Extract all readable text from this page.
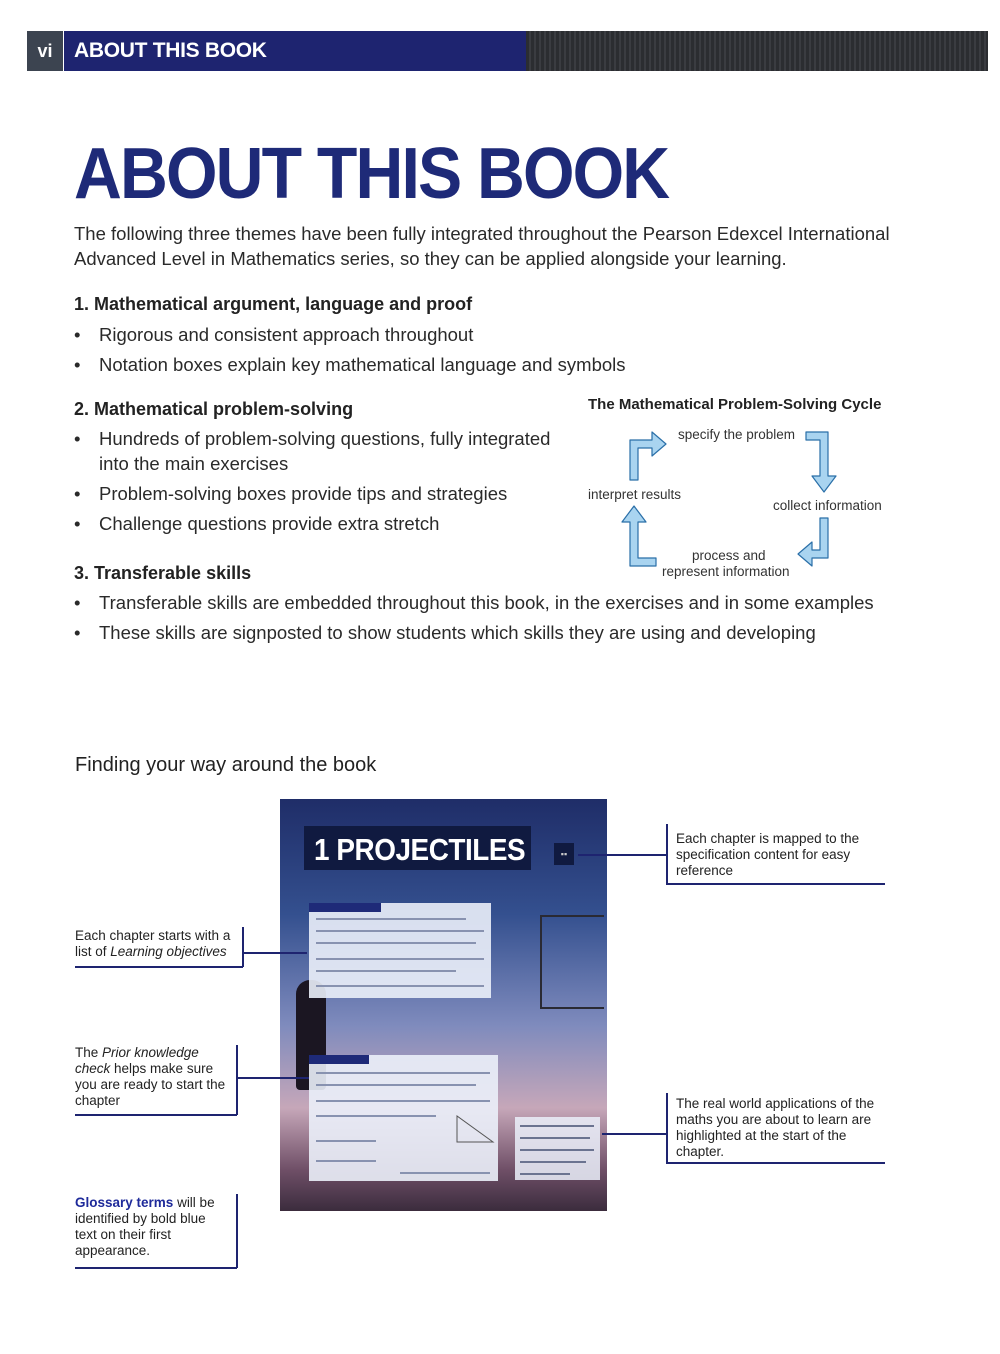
vi	ABOUT THIS BOOK
ABOUT THIS BOOK
The following three themes have been fully integrated throughout the Pearson Edexcel International Advanced Level in Mathematics series, so they can be applied alongside your learning.
1. Mathematical argument, language and proof
• Rigorous and consistent approach throughout
• Notation boxes explain key mathematical language and symbols
2. Mathematical problem-solving
• Hundreds of problem-solving questions, fully integrated into the main exercises
• Problem-solving boxes provide tips and strategies
• Challenge questions provide extra stretch
The Mathematical Problem-Solving Cycle
specify the problem
interpret results
collect information
process and
represent information
3. Transferable skills
• Transferable skills are embedded throughout this book, in the exercises and in some examples
• These skills are signposted to show students which skills they are using and developing
Finding your way around the book
1 PROJECTILES	▪▪
Each chapter is mapped to the specification content for easy reference
Each chapter starts with a list of Learning objectives
The Prior knowledge check helps make sure you are ready to start the chapter	The real world applications of the maths you are about to learn are highlighted at the start of the chapter.
Glossary terms will be identified by bold blue text on their first appearance.
